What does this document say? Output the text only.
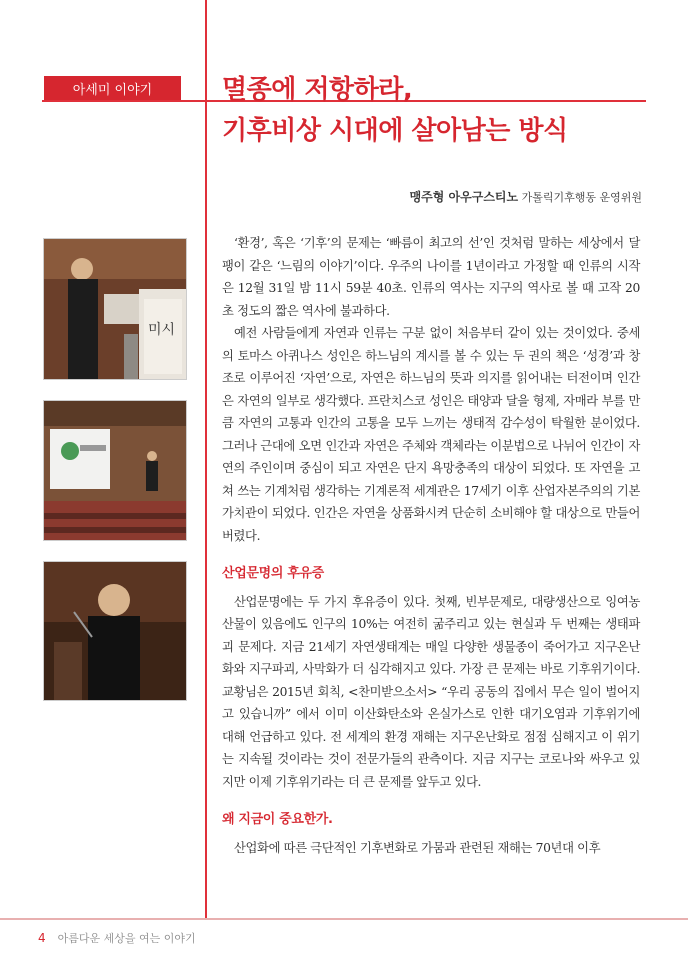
아세미 이야기	멸종에 저항하라,
기후비상 시대에 살아남는 방식
맹주형 아우구스티노 가톨릭기후행동 운영위원
미시

‘환경’, 혹은 ‘기후’의 문제는 ‘빠름이 최고의 선’인 것처럼 말하는 세상에서 달팽이 같은 ‘느림의 이야기’이다. 우주의 나이를 1년이라고 가정할 때 인류의 시작은 12월 31일 밤 11시 59분 40초. 인류의 역사는 지구의 역사로 볼 때 고작 20초 정도의 짧은 역사에 불과하다.

예전 사람들에게 자연과 인류는 구분 없이 처음부터 같이 있는 것이었다. 중세의 토마스 아퀴나스 성인은 하느님의 계시를 볼 수 있는 두 권의 책은 ‘성경’과 창조로 이루어진 ‘자연’으로, 자연은 하느님의 뜻과 의지를 읽어내는 터전이며 인간은 자연의 일부로 생각했다. 프란치스코 성인은 태양과 달을 형제, 자매라 부를 만큼 자연의 고통과 인간의 고통을 모두 느끼는 생태적 감수성이 탁월한 분이었다. 그러나 근대에 오면 인간과 자연은 주체와 객체라는 이분법으로 나뉘어 인간이 자연의 주인이며 중심이 되고 자연은 단지 욕망충족의 대상이 되었다. 또 자연을 고쳐 쓰는 기계처럼 생각하는 기계론적 세계관은 17세기 이후 산업자본주의의 기본 가치관이 되었다. 인간은 자연을 상품화시켜 단순히 소비해야 할 대상으로 만들어버렸다.

산업문명의 후유증

산업문명에는 두 가지 후유증이 있다. 첫째, 빈부문제로, 대량생산으로 잉여농산물이 있음에도 인구의 10%는 여전히 굶주리고 있는 현실과 두 번째는 생태파괴 문제다. 지금 21세기 자연생태계는 매일 다양한 생물종이 죽어가고 지구온난화와 지구파괴, 사막화가 더 심각해지고 있다. 가장 큰 문제는 바로 기후위기이다. 교황님은 2015년 회칙, <찬미받으소서> “우리 공동의 집에서 무슨 일이 벌어지고 있습니까” 에서 이미 이산화탄소와 온실가스로 인한 대기오염과 기후위기에 대해 언급하고 있다. 전 세계의 환경 재해는 지구온난화로 점점 심해지고 이 위기는 지속될 것이라는 것이 전문가들의 관측이다. 지금 지구는 코로나와 싸우고 있지만 이제 기후위기라는 더 큰 문제를 앞두고 있다.

왜 지금이 중요한가.

산업화에 따른 극단적인 기후변화로 가뭄과 관련된 재해는 70년대 이후

4 아름다운 세상을 여는 이야기
